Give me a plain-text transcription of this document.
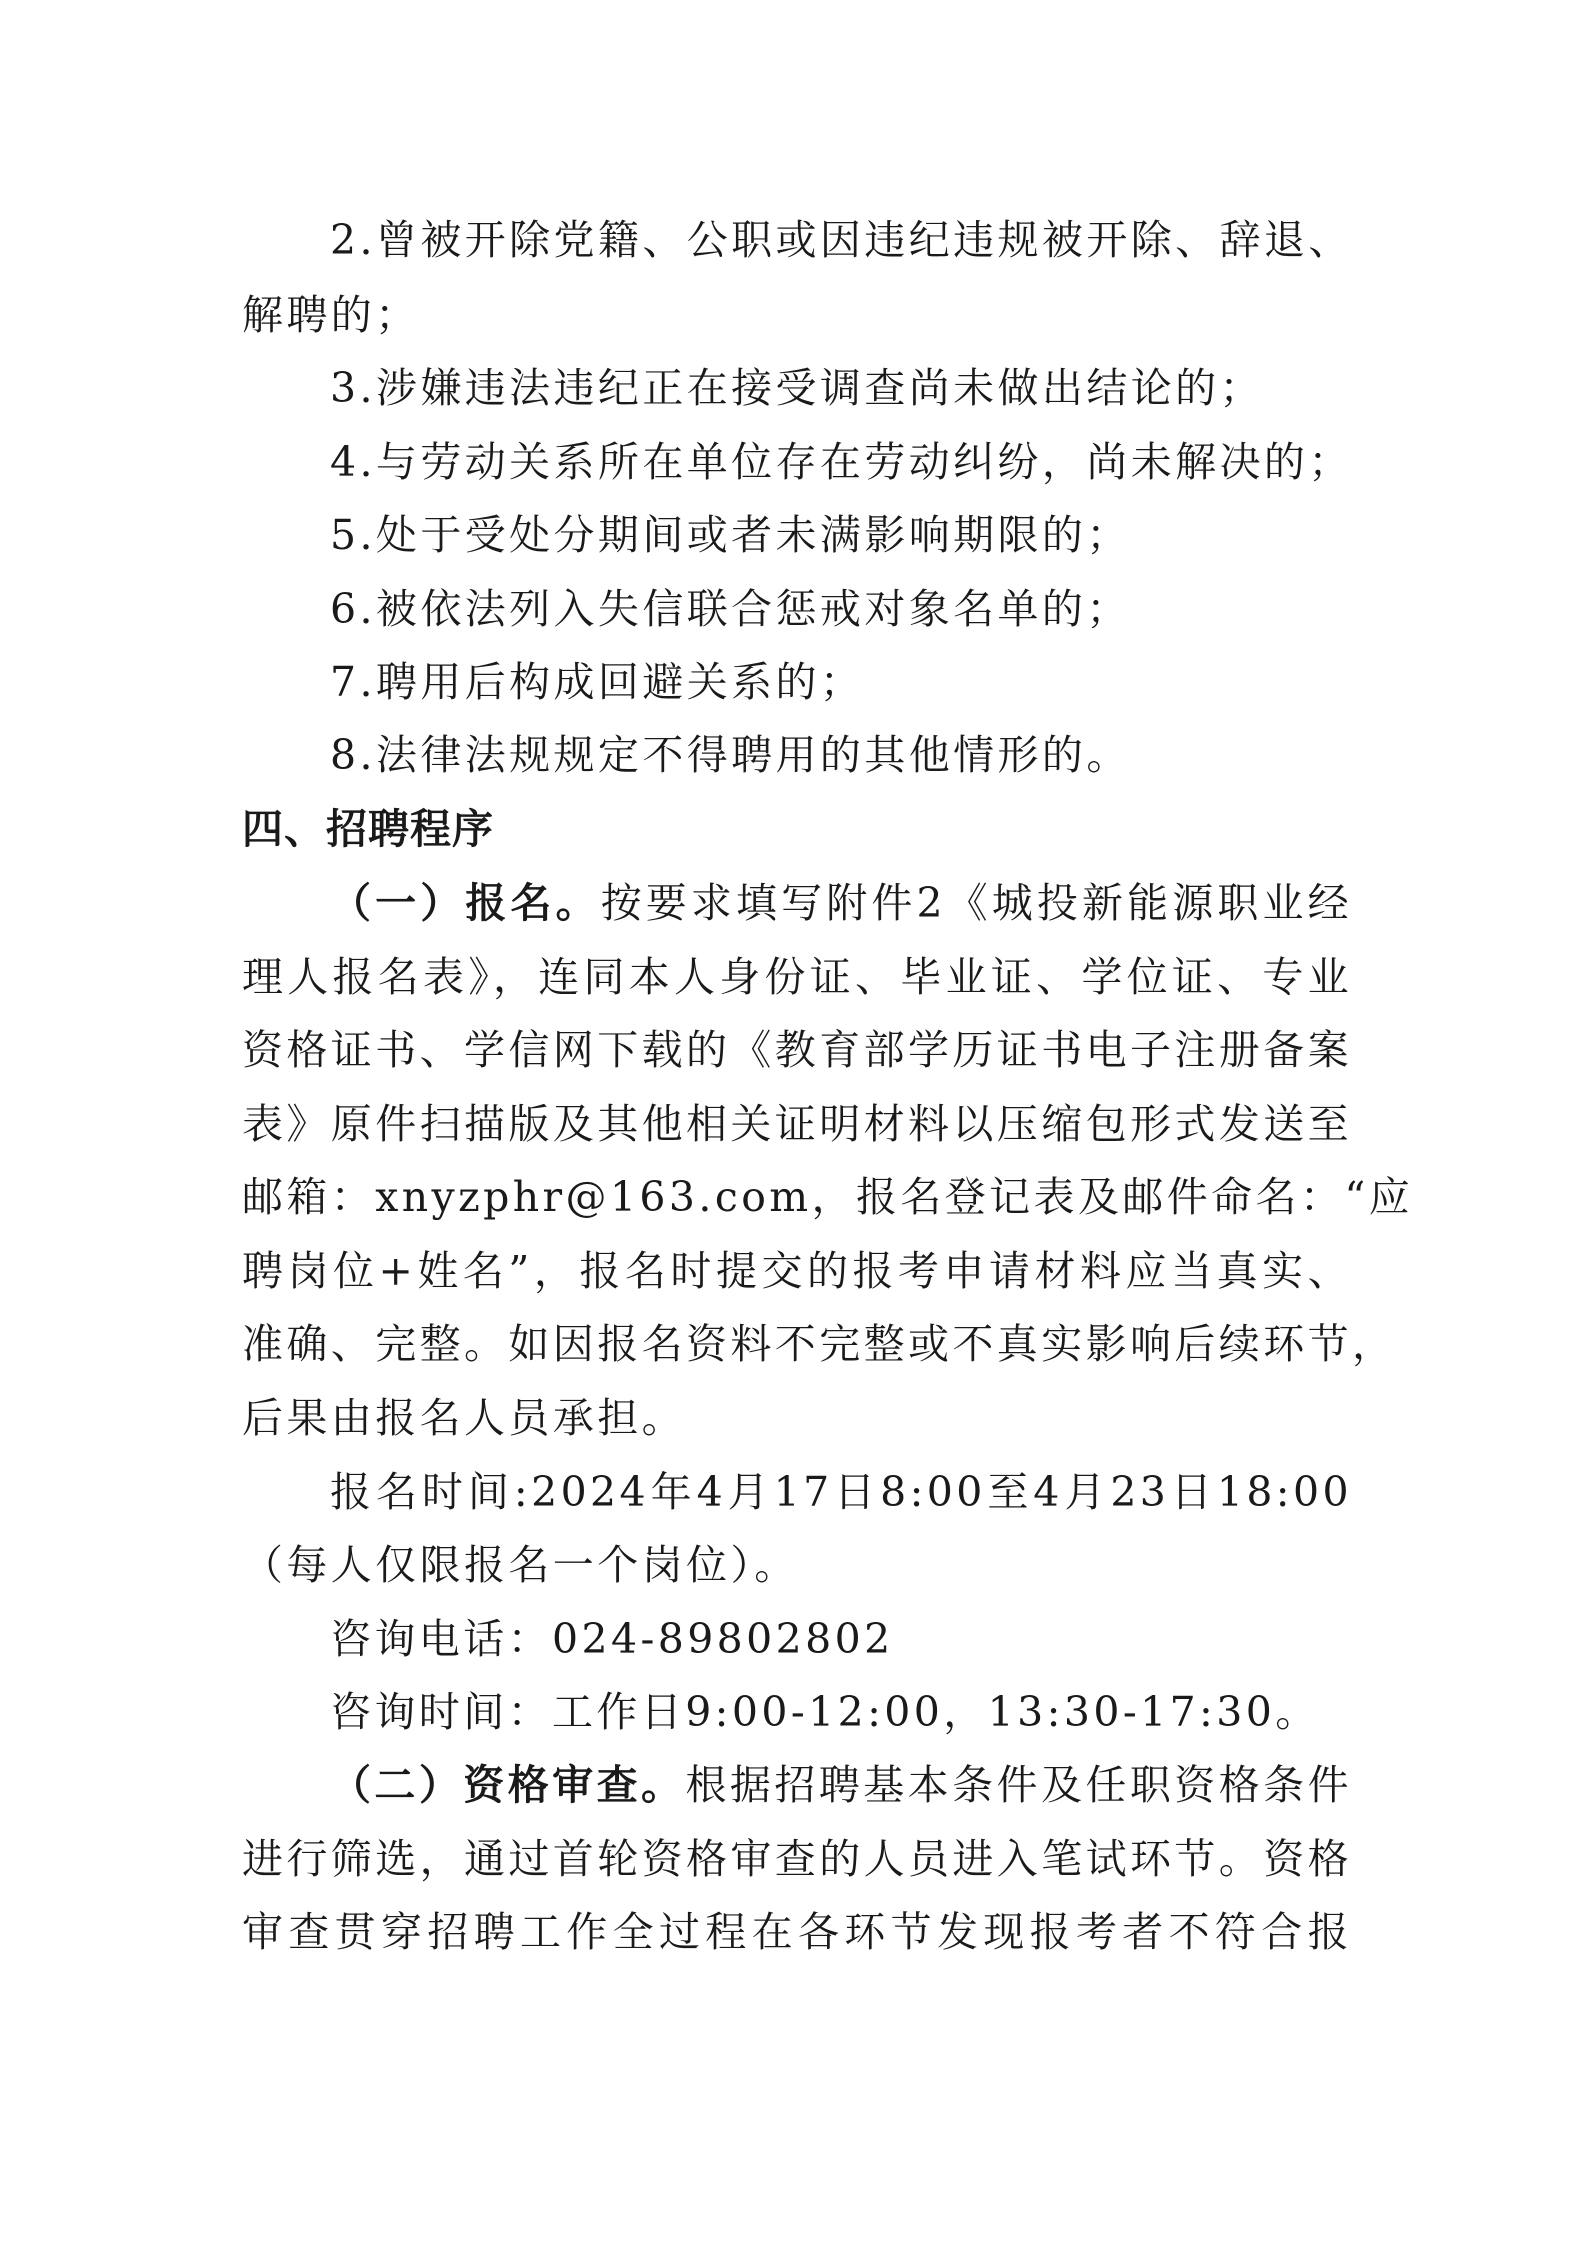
2.曾被开除党籍、公职或因违纪违规被开除、辞退、
解聘的；
3.涉嫌违法违纪正在接受调查尚未做出结论的；
4.与劳动关系所在单位存在劳动纠纷，尚未解决的；
5.处于受处分期间或者未满影响期限的；
6.被依法列入失信联合惩戒对象名单的；
7.聘用后构成回避关系的；
8.法律法规规定不得聘用的其他情形的。
四、招聘程序
（一）报名。按要求填写附件2《城投新能源职业经
理人报名表》，连同本人身份证、毕业证、学位证、专业
资格证书、学信网下载的《教育部学历证书电子注册备案
表》原件扫描版及其他相关证明材料以压缩包形式发送至
邮箱：xnyzphr@163.com，报名登记表及邮件命名：“应
聘岗位+姓名”，报名时提交的报考申请材料应当真实、
准确、完整。如因报名资料不完整或不真实影响后续环节，
后果由报名人员承担。
报名时间:2024年4月17日8:00至4月23日18:00
（每人仅限报名一个岗位）。
咨询电话：024-89802802
咨询时间：工作日9:00-12:00，13:30-17:30。
（二）资格审查。根据招聘基本条件及任职资格条件
进行筛选，通过首轮资格审查的人员进入笔试环节。资格
审查贯穿招聘工作全过程在各环节发现报考者不符合报
